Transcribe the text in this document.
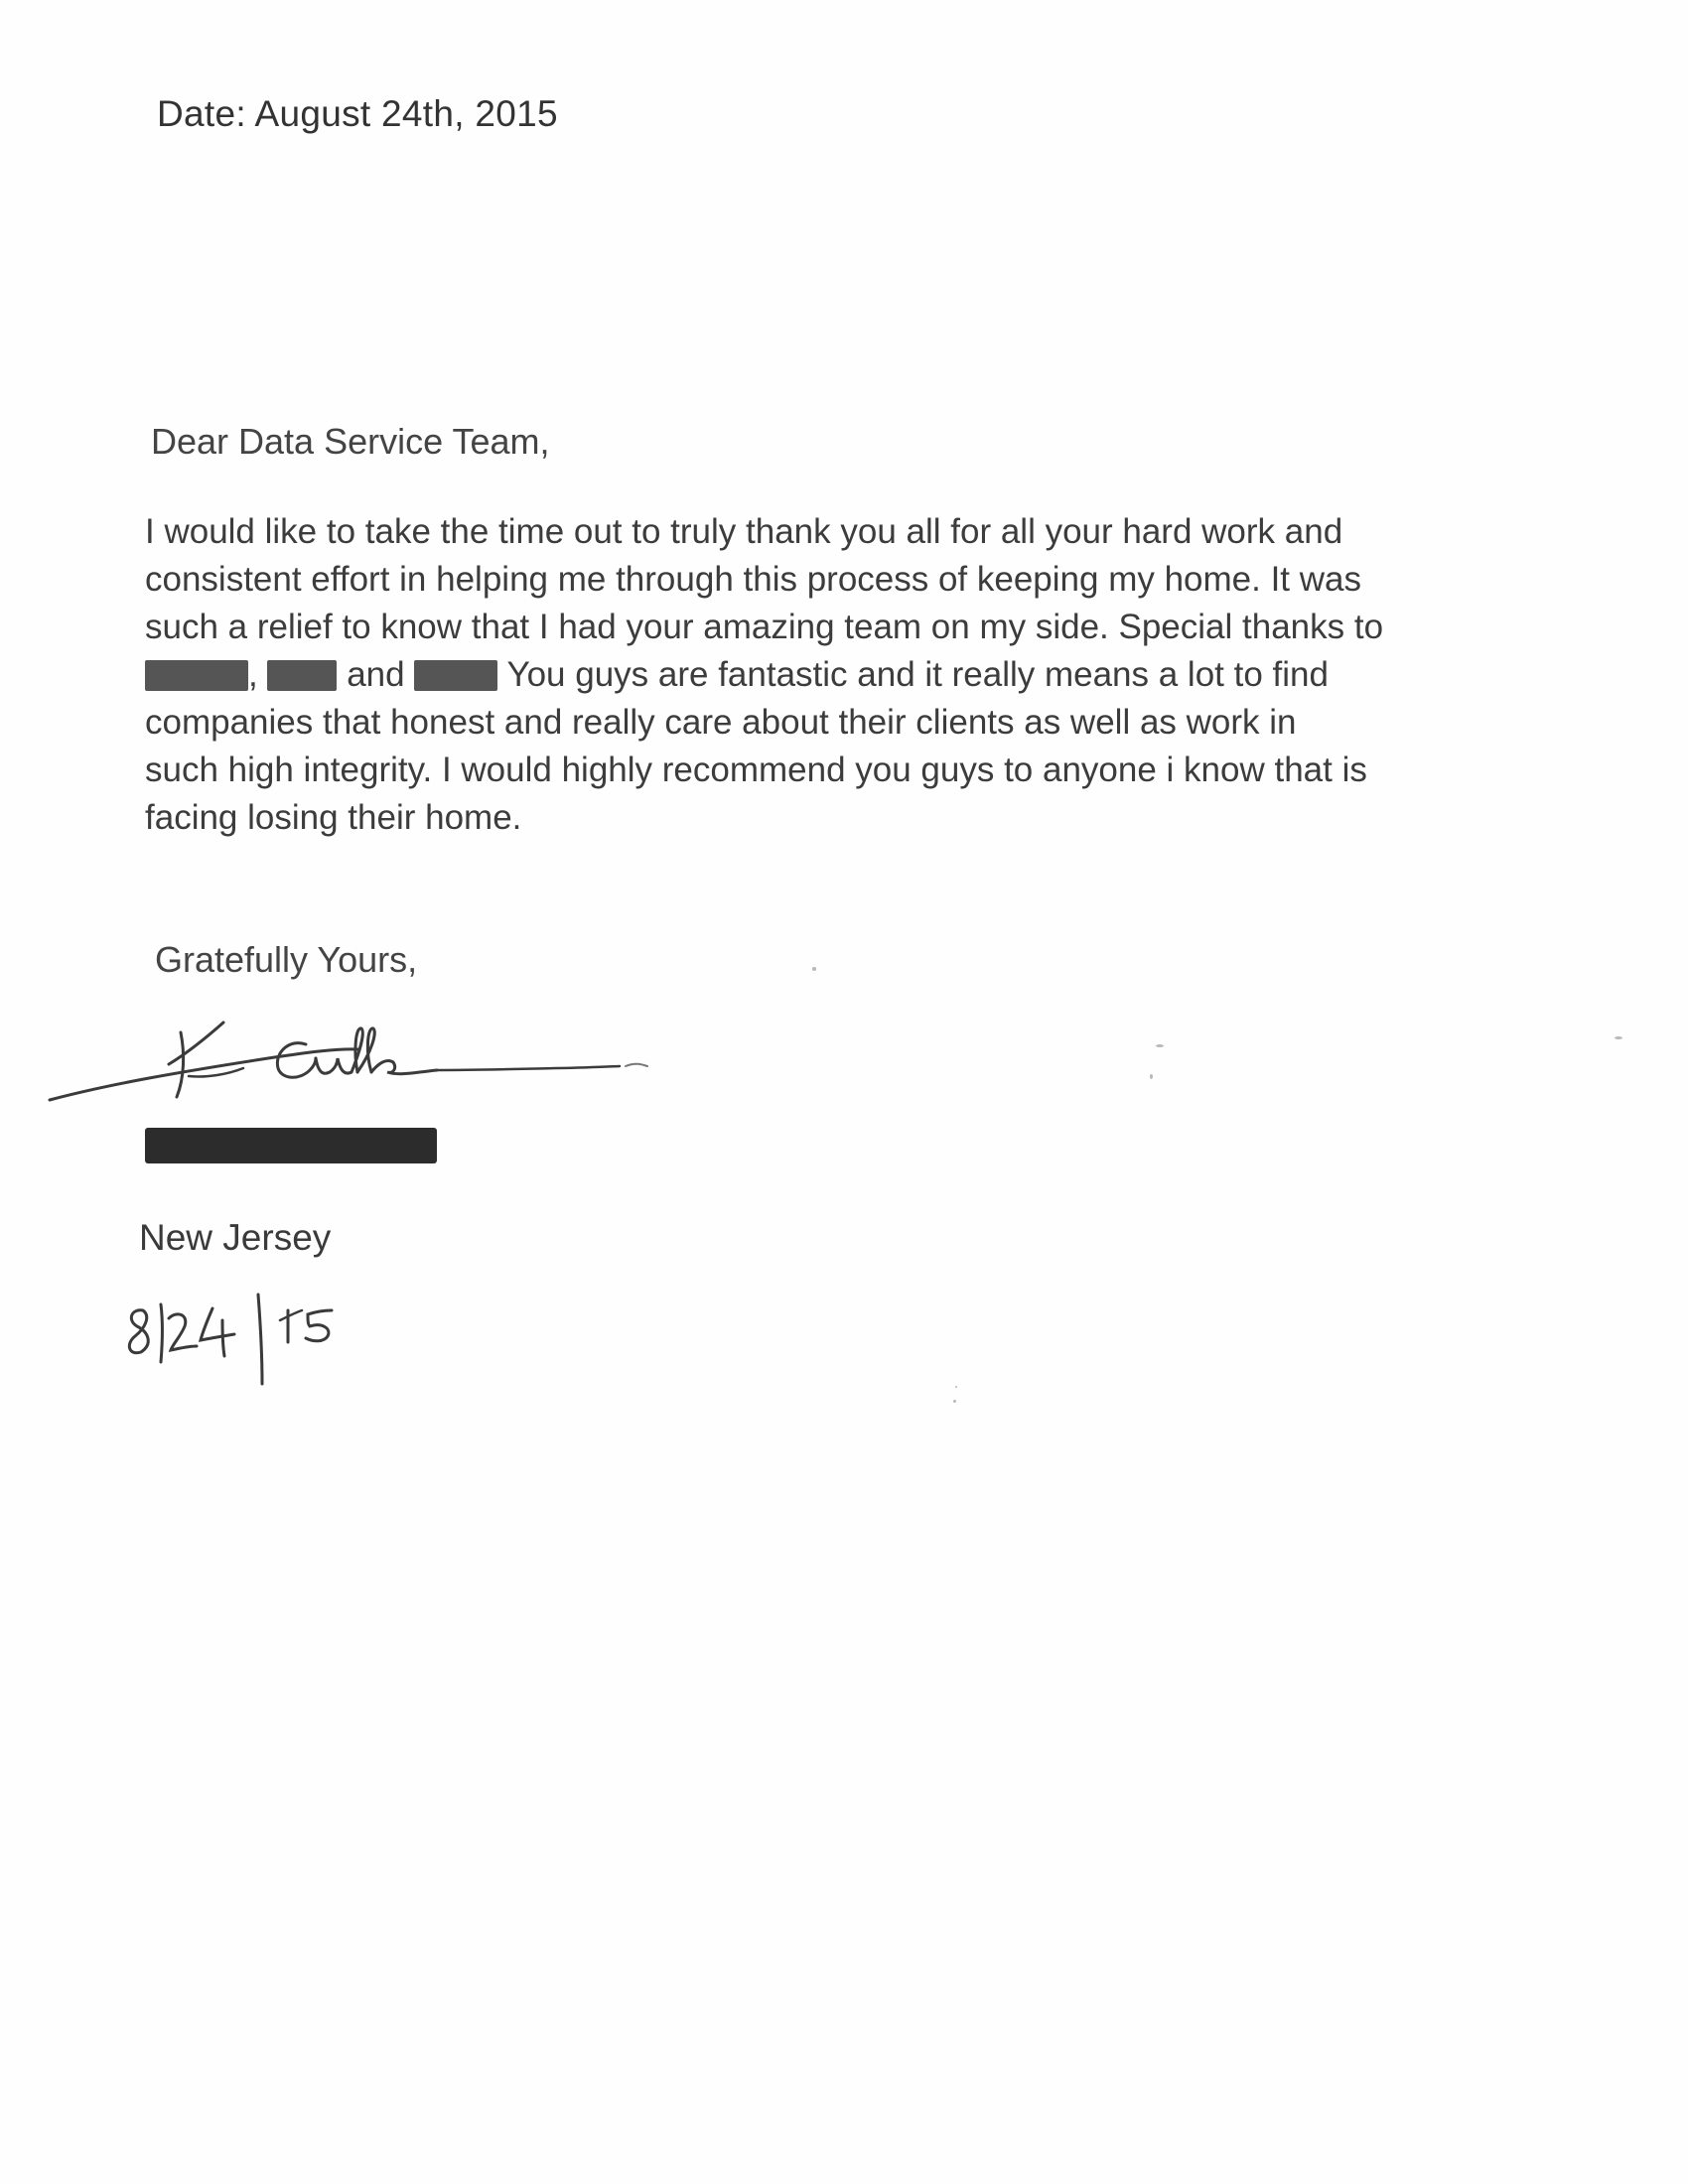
Date: August 24th, 2015
Dear Data Service Team,
I would like to take the time out to truly thank you all for all your hard work and
consistent effort in helping me through this process of keeping my home. It was
such a relief to know that I had your amazing team on my side. Special thanks to
,	and	You guys are fantastic and it really means a lot to find
companies that honest and really care about their clients as well as work in
such high integrity. I would highly recommend you guys to anyone i know that is
facing losing their home.
Gratefully Yours,
New Jersey
